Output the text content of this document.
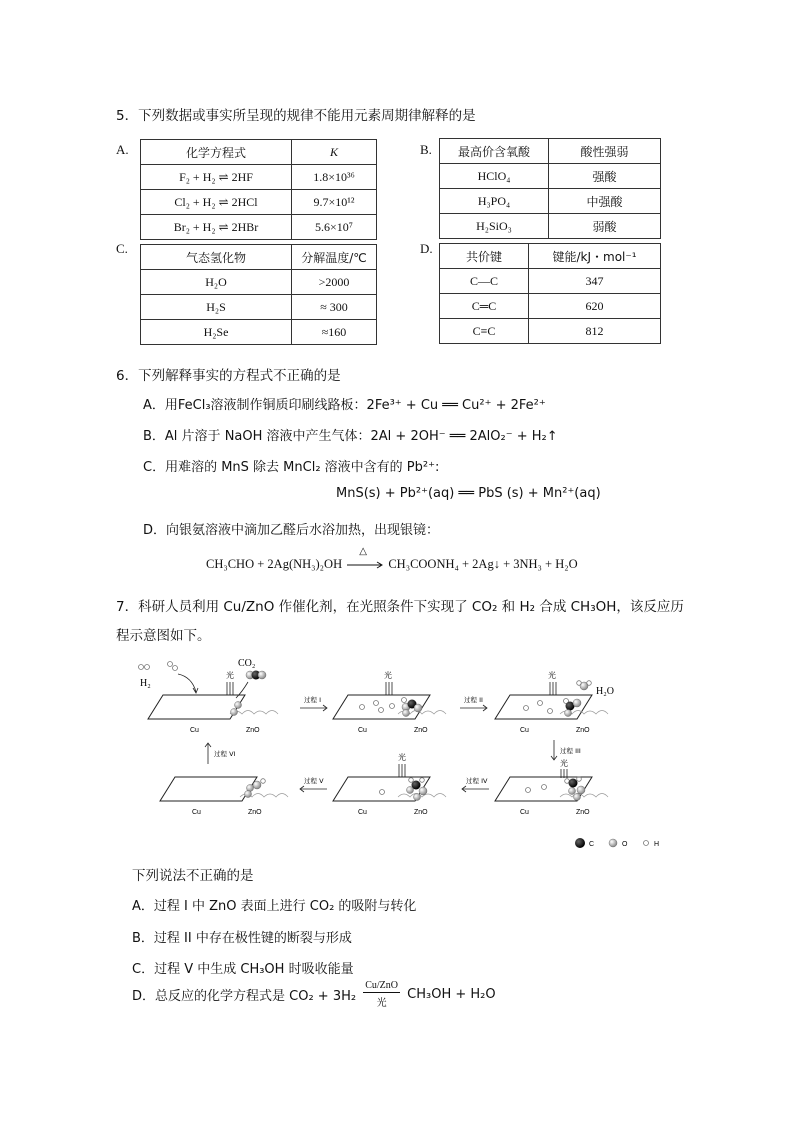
5．下列数据或事实所呈现的规律不能用元素周期律解释的是
A.	B.
C.	D.
化学方程式	K
F₂ + H₂ ⇌ 2HF	1.8×10³⁶
Cl₂ + H₂ ⇌ 2HCl	9.7×10¹²
Br₂ + H₂ ⇌ 2HBr	5.6×10⁷
最高价含氧酸	酸性强弱
HClO₄	强酸
H₃PO₄	中强酸
H₂SiO₃	弱酸
气态氢化物	分解温度/℃
H₂O	>2000
H₂S	≈ 300
H₂Se	≈160
共价键	键能/kJ・mol⁻¹
C—C	347
C═C	620
C≡C	812
6．下列解释事实的方程式不正确的是
A．用FeCl₃溶液制作铜质印刷线路板：2Fe³⁺ + Cu ══ Cu²⁺ + 2Fe²⁺
B．Al 片溶于 NaOH 溶液中产生气体：2Al + 2OH⁻ ══ 2AlO₂⁻ + H₂↑
C．用难溶的 MnS 除去 MnCl₂ 溶液中含有的 Pb²⁺:
MnS(s) + Pb²⁺(aq) ══ PbS (s) + Mn²⁺(aq)
D．向银氨溶液中滴加乙醛后水浴加热，出现银镜：
CH₃CHO + 2Ag(NH₃)₂OH
△
CH₃COONH₄ + 2Ag↓ + 3NH₃ + H₂O
7．科研人员利用 Cu/ZnO 作催化剂，在光照条件下实现了 CO₂ 和 H₂ 合成 CH₃OH，该反应历
程示意图如下。
H₂
光
CO₂
Cu	ZnO
过程 I
光
Cu	ZnO
过程 II
光
H₂O
Cu	ZnO
过程 III
过程 VI
Cu	ZnO
过程 V
光
Cu	ZnO
过程 IV
光
Cu	ZnO
C	O	H
下列说法不正确的是
A．过程 I 中 ZnO 表面上进行 CO₂ 的吸附与转化
B．过程 II 中存在极性键的断裂与形成
C．过程 V 中生成 CH₃OH 时吸收能量
D．总反应的化学方程式是 CO₂ + 3H₂
Cu/ZnO
光
CH₃OH + H₂O
